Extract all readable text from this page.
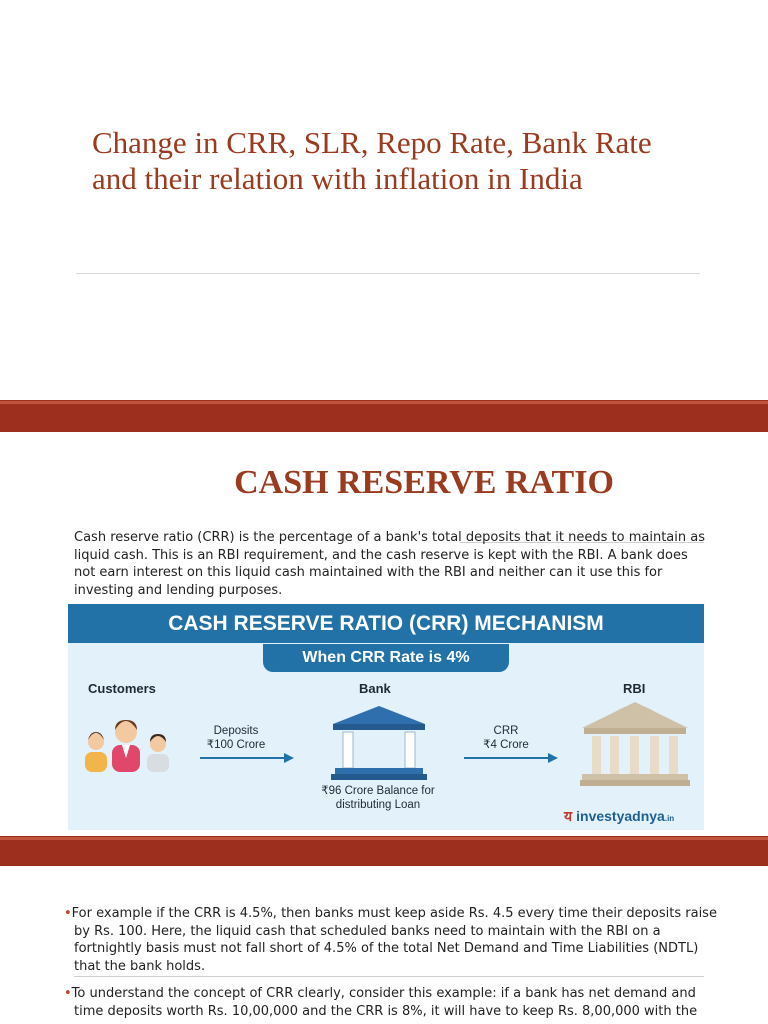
Change in CRR, SLR, Repo Rate, Bank Rate
and their relation with inflation in India
CASH RESERVE RATIO

Cash reserve ratio (CRR) is the percentage of a bank's total deposits that it needs to maintain as liquid cash. This is an RBI requirement, and the cash reserve is kept with the RBI. A bank does not earn interest on this liquid cash maintained with the RBI and neither can it use this for investing and lending purposes.

CASH RESERVE RATIO (CRR) MECHANISM
When CRR Rate is 4%
Customers	Bank	RBI
Deposits
₹100 Crore
₹96 Crore Balance for
distributing Loan
CRR
₹4 Crore
य investyadnya.in

•For example if the CRR is 4.5%, then banks must keep aside Rs. 4.5 every time their deposits raise by Rs. 100. Here, the liquid cash that scheduled banks need to maintain with the RBI on a fortnightly basis must not fall short of 4.5% of the total Net Demand and Time Liabilities (NDTL) that the bank holds.

•To understand the concept of CRR clearly, consider this example: if a bank has net demand and time deposits worth Rs. 10,00,000 and the CRR is 8%, it will have to keep Rs. 8,00,000 with the
